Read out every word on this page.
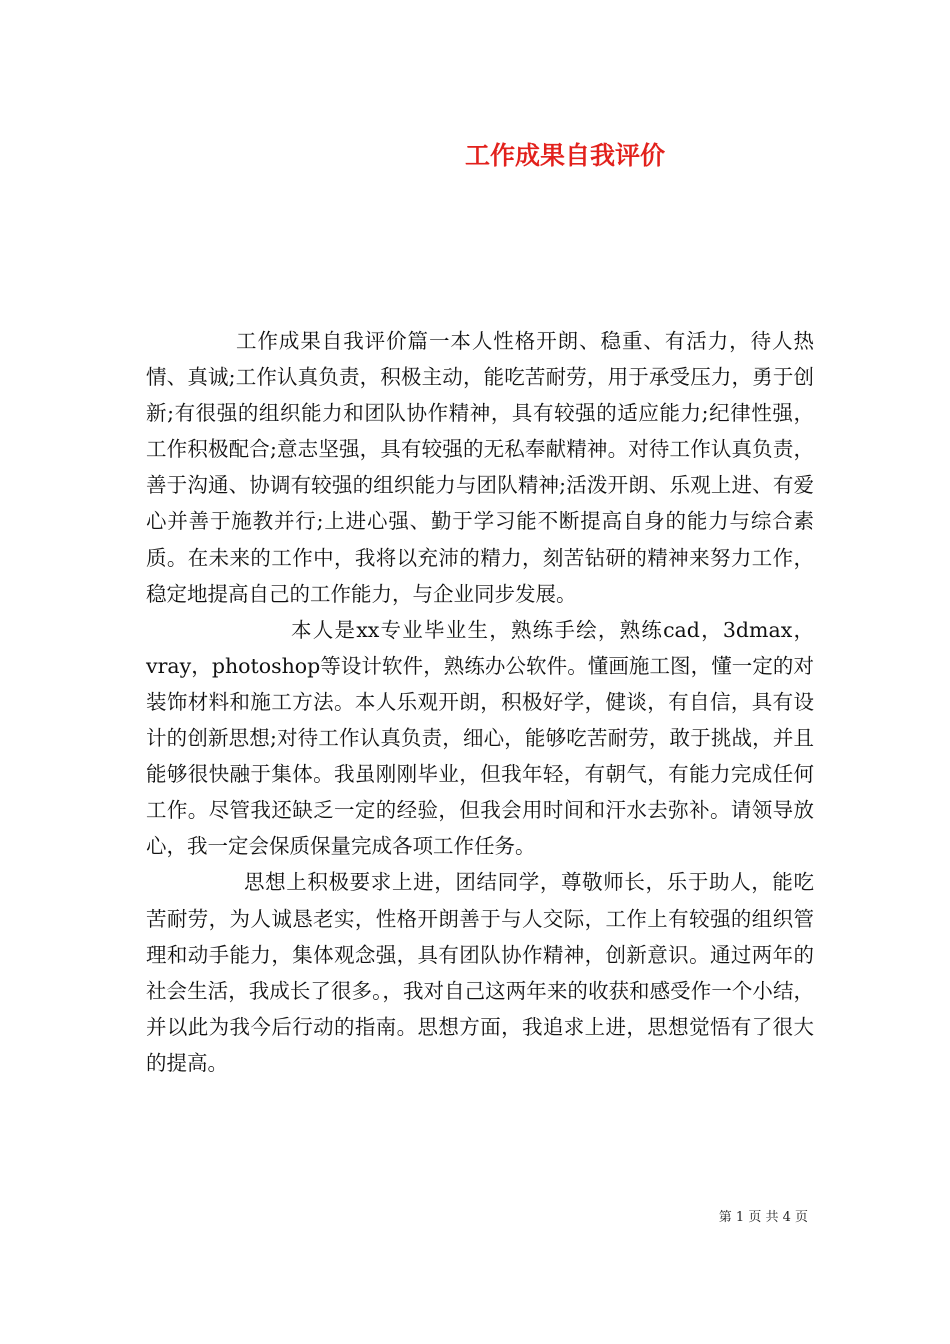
工作成果自我评价

工作成果自我评价篇一本人性格开朗、稳重、有活力，待人热情、真诚;工作认真负责，积极主动，能吃苦耐劳，用于承受压力，勇于创新;有很强的组织能力和团队协作精神，具有较强的适应能力;纪律性强，工作积极配合;意志坚强，具有较强的无私奉献精神。对待工作认真负责，善于沟通、协调有较强的组织能力与团队精神;活泼开朗、乐观上进、有爱心并善于施教并行;上进心强、勤于学习能不断提高自身的能力与综合素质。在未来的工作中，我将以充沛的精力，刻苦钻研的精神来努力工作，稳定地提高自己的工作能力，与企业同步发展。

本人是xx专业毕业生，熟练手绘，熟练cad，3dmax，vray，photoshop等设计软件，熟练办公软件。懂画施工图，懂一定的对装饰材料和施工方法。本人乐观开朗，积极好学，健谈，有自信，具有设计的创新思想;对待工作认真负责，细心，能够吃苦耐劳，敢于挑战，并且能够很快融于集体。我虽刚刚毕业，但我年轻，有朝气，有能力完成任何工作。尽管我还缺乏一定的经验，但我会用时间和汗水去弥补。请领导放心，我一定会保质保量完成各项工作任务。

思想上积极要求上进，团结同学，尊敬师长，乐于助人，能吃苦耐劳，为人诚恳老实，性格开朗善于与人交际，工作上有较强的组织管理和动手能力，集体观念强，具有团队协作精神，创新意识。通过两年的社会生活，我成长了很多。，我对自己这两年来的收获和感受作一个小结，并以此为我今后行动的指南。思想方面，我追求上进，思想觉悟有了很大的提高。

第 1 页 共 4 页
